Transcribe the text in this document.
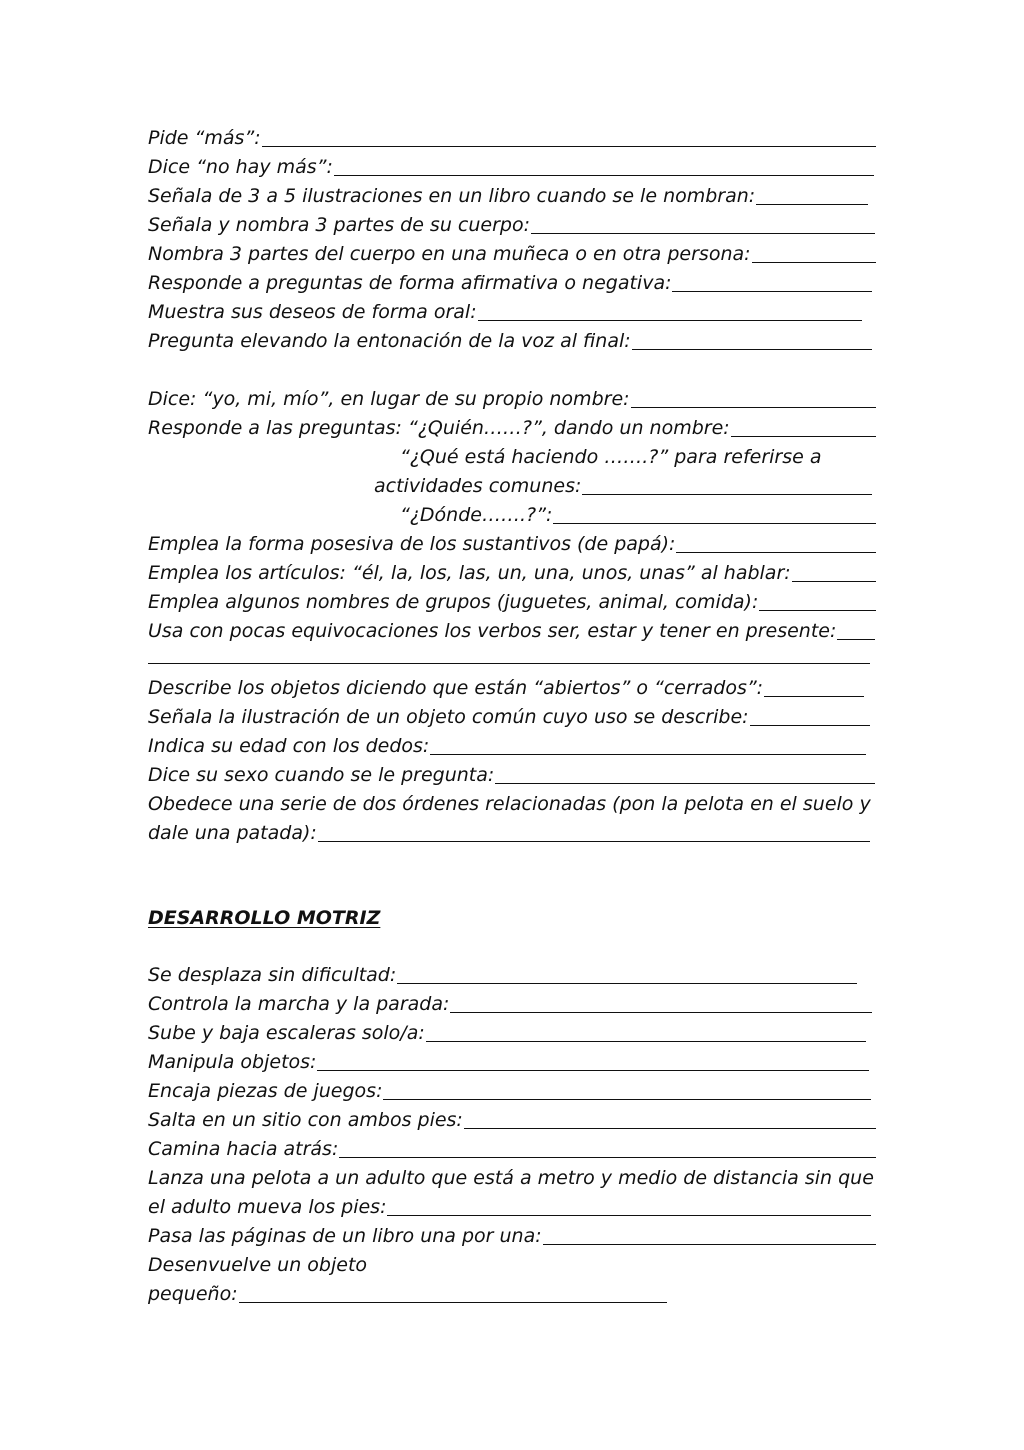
Pide “más”:
Dice “no hay más”:
Señala de 3 a 5 ilustraciones en un libro cuando se le nombran:
Señala y nombra 3 partes de su cuerpo:
Nombra 3 partes del cuerpo en una muñeca o en otra persona:
Responde a preguntas de forma afirmativa o negativa:
Muestra sus deseos de forma oral:
Pregunta elevando la entonación de la voz al final:
Dice: “yo, mi, mío”, en lugar de su propio nombre:
Responde a las preguntas: “¿Quién……?”, dando un nombre:
“¿Qué está haciendo …….?” para referirse a
actividades comunes:
“¿Dónde…….?”:
Emplea la forma posesiva de los sustantivos (de papá):
Emplea los artículos: “él, la, los, las, un, una, unos, unas” al hablar:
Emplea algunos nombres de grupos (juguetes, animal, comida):
Usa con pocas equivocaciones los verbos ser, estar y tener en presente:
Describe los objetos diciendo que están “abiertos” o “cerrados”:
Señala la ilustración de un objeto común cuyo uso se describe:
Indica su edad con los dedos:
Dice su sexo cuando se le pregunta:
Obedece una serie de dos órdenes relacionadas (pon la pelota en el suelo y
dale una patada):
DESARROLLO MOTRIZ
Se desplaza sin dificultad:
Controla la marcha y la parada:
Sube y baja escaleras solo/a:
Manipula objetos:
Encaja piezas de juegos:
Salta en un sitio con ambos pies:
Camina hacia atrás:
Lanza una pelota a un adulto que está a metro y medio de distancia sin que
el adulto mueva los pies:
Pasa las páginas de un libro una por una:
Desenvuelve un objeto
pequeño:
